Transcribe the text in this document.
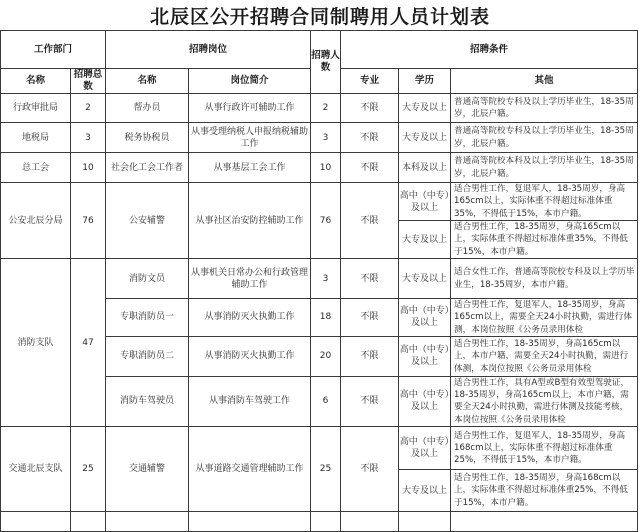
北辰区公开招聘合同制聘用人员计划表
工作部门		招聘岗位		招聘人数	招聘条件		
名称	招聘总数	名称	岗位简介		专业	学历	其他
行政审批局	2	帮办员	从事行政许可辅助工作	2	不限	大专及以上	普通高等院校专科及以上学历毕业生，18-35周岁，北辰户籍。
地税局	3	税务协税员	从事受理纳税人申报纳税辅助工作	3	不限	大专及以上	普通高等院校专科及以上学历毕业生，18-35周岁，北辰户籍。
总工会	10	社会化工会工作者	从事基层工会工作	10	不限	本科及以上	普通高等院校本科及以上学历毕业生，18-35周岁，北辰户籍。
公安北辰分局	76	公安辅警	从事社区治安防控辅助工作	76	不限	高中（中专）及以上	适合男性工作，复退军人，18-35周岁，身高165cm以上，实际体重不得超过标准体重35%，不得低于15%，本市户籍。
						大专及以上	适合男性工作，18-35周岁，身高165cm以上，实际体重不得超过标准体重35%，不得低于15%，本市户籍。
消防支队	47	消防文员	从事机关日常办公和行政管理辅助工作	3	不限	大专及以上	适合女性工作，普通高等院校专科及以上学历毕业生，18-35周岁，本市户籍。
		专职消防员一	从事消防灭火执勤工作	18	不限	高中（中专）及以上	适合男性工作，复退军人，18-35周岁，身高165cm以上，需要全天24小时执勤，需进行体测，本岗位按照《公务员录用体检
		专职消防员二	从事消防灭火执勤工作	20	不限	高中（中专）及以上	适合男性工作，18-35周岁，身高165cm以上，本市户籍，需要全天24小时执勤，需进行体测，本岗位按照《公务员录用体检
		消防车驾驶员	从事消防车驾驶工作	6	不限	高中（中专）及以上	适合男性工作，具有A型或B型有效型驾驶证，18-35周岁，身高165cm以上，本市户籍，需要全天24小时执勤，需进行体测及技能考核，本岗位按照《公务员录用体检
交通北辰支队	25	交通辅警	从事道路交通管理辅助工作	25	不限	高中（中专）及以上	适合男性工作，复退军人，18-35周岁，身高168cm以上，实际体重不得超过标准体重25%，不得低于15%，本市户籍。
						大专及以上	适合男性工作，18-35周岁，身高168cm以上，实际体重不得超过标准体重25%，不得低于15%，本市户籍。
